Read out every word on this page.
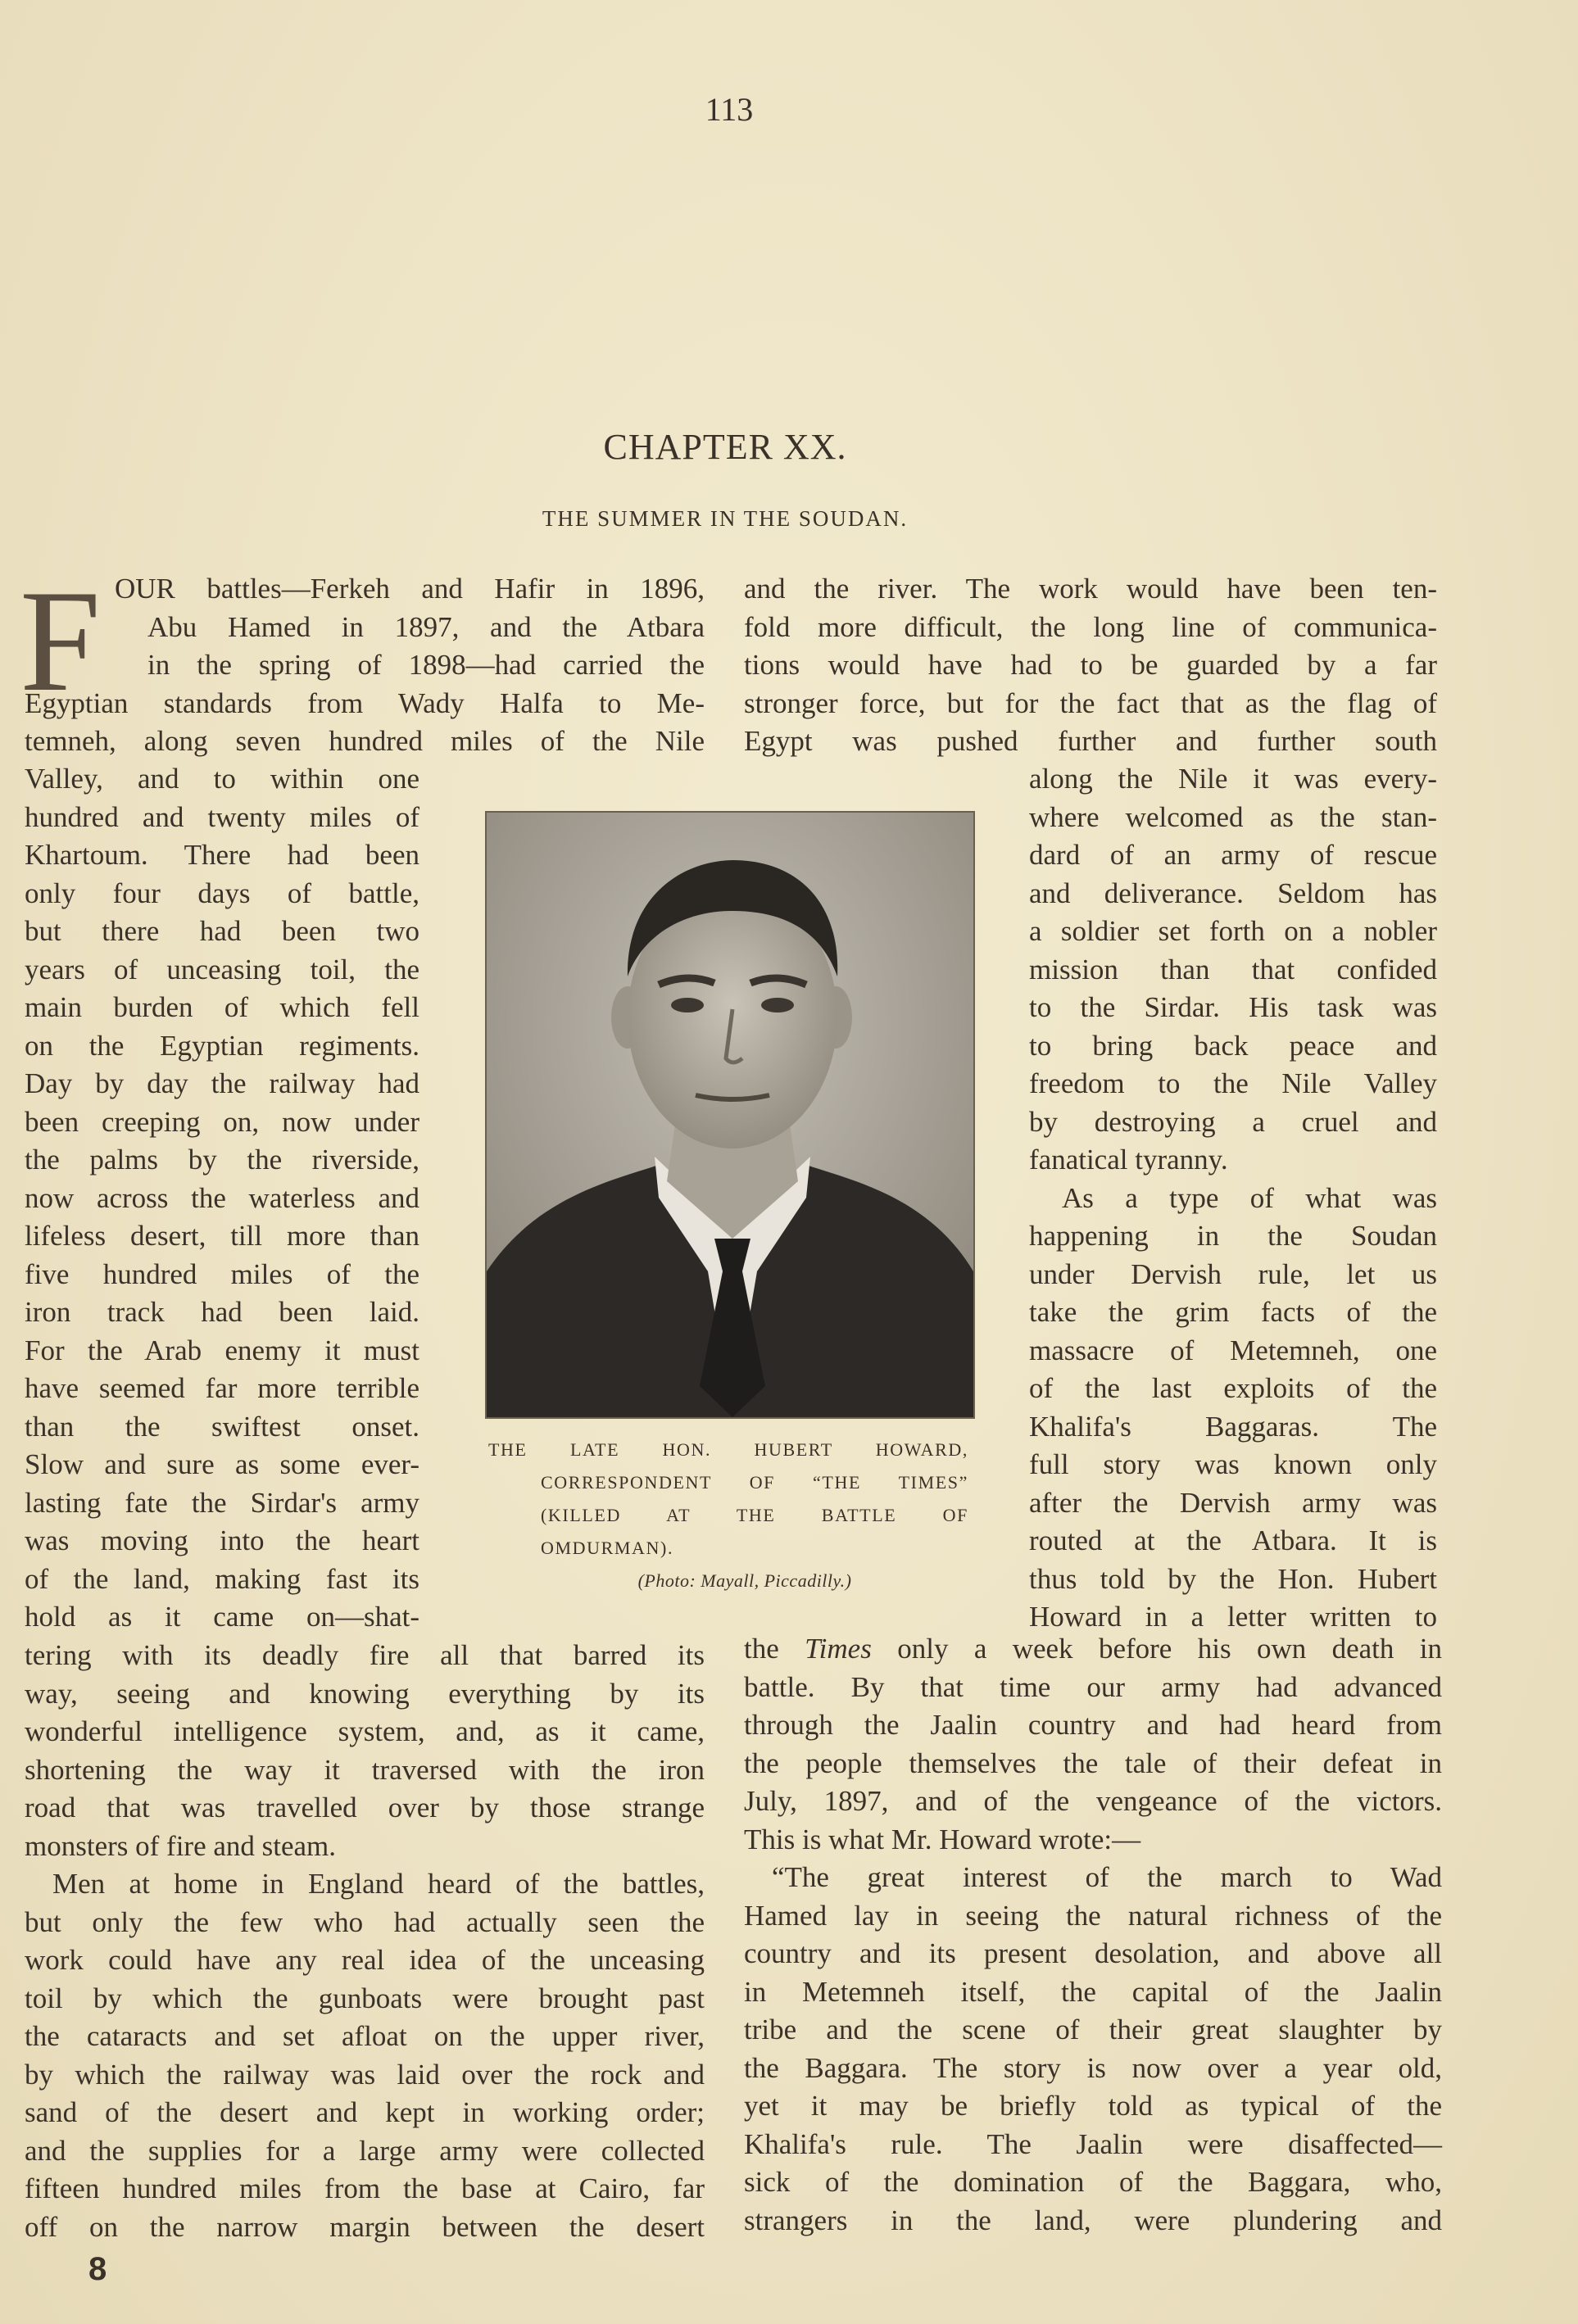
113
CHAPTER XX.
THE SUMMER IN THE SOUDAN.
F OUR battles—Ferkeh and Hafir in 1896,
Abu Hamed in 1897, and the Atbara
in the spring of 1898—had carried the
Egyptian standards from Wady Halfa to Me-
temneh, along seven hundred miles of the Nile
Valley, and to within one
hundred and twenty miles of
Khartoum. There had been
only four days of battle,
but there had been two
years of unceasing toil, the
main burden of which fell
on the Egyptian regiments.
Day by day the railway had
been creeping on, now under
the palms by the riverside,
now across the waterless and
lifeless desert, till more than
five hundred miles of the
iron track had been laid.
For the Arab enemy it must
have seemed far more terrible
than the swiftest onset.
Slow and sure as some ever-
lasting fate the Sirdar's army
was moving into the heart
of the land, making fast its
hold as it came on—shat-
tering with its deadly fire all that barred its
way, seeing and knowing everything by its
wonderful intelligence system, and, as it came,
shortening the way it traversed with the iron
road that was travelled over by those strange
monsters of fire and steam.
Men at home in England heard of the battles,
but only the few who had actually seen the
work could have any real idea of the unceasing
toil by which the gunboats were brought past
the cataracts and set afloat on the upper river,
by which the railway was laid over the rock and
sand of the desert and kept in working order;
and the supplies for a large army were collected
fifteen hundred miles from the base at Cairo, far
off on the narrow margin between the desert
and the river. The work would have been ten-
fold more difficult, the long line of communica-
tions would have had to be guarded by a far
stronger force, but for the fact that as the flag of
Egypt was pushed further and further south
along the Nile it was every-
where welcomed as the stan-
dard of an army of rescue
and deliverance. Seldom has
a soldier set forth on a nobler
mission than that confided
to the Sirdar. His task was
to bring back peace and
freedom to the Nile Valley
by destroying a cruel and
fanatical tyranny.
As a type of what was
happening in the Soudan
under Dervish rule, let us
take the grim facts of the
massacre of Metemneh, one
of the last exploits of the
Khalifa's Baggaras. The
full story was known only
after the Dervish army was
routed at the Atbara. It is
thus told by the Hon. Hubert
Howard in a letter written to
the Times only a week before his own death in
battle. By that time our army had advanced
through the Jaalin country and had heard from
the people themselves the tale of their defeat in
July, 1897, and of the vengeance of the victors.
This is what Mr. Howard wrote:—
“The great interest of the march to Wad
Hamed lay in seeing the natural richness of the
country and its present desolation, and above all
in Metemneh itself, the capital of the Jaalin
tribe and the scene of their great slaughter by
the Baggara. The story is now over a year old,
yet it may be briefly told as typical of the
Khalifa's rule. The Jaalin were disaffected—
sick of the domination of the Baggara, who,
strangers in the land, were plundering and
THE LATE HON. HUBERT HOWARD,
CORRESPONDENT OF “THE TIMES”
(KILLED AT THE BATTLE OF
OMDURMAN).
(Photo: Mayall, Piccadilly.)
8
